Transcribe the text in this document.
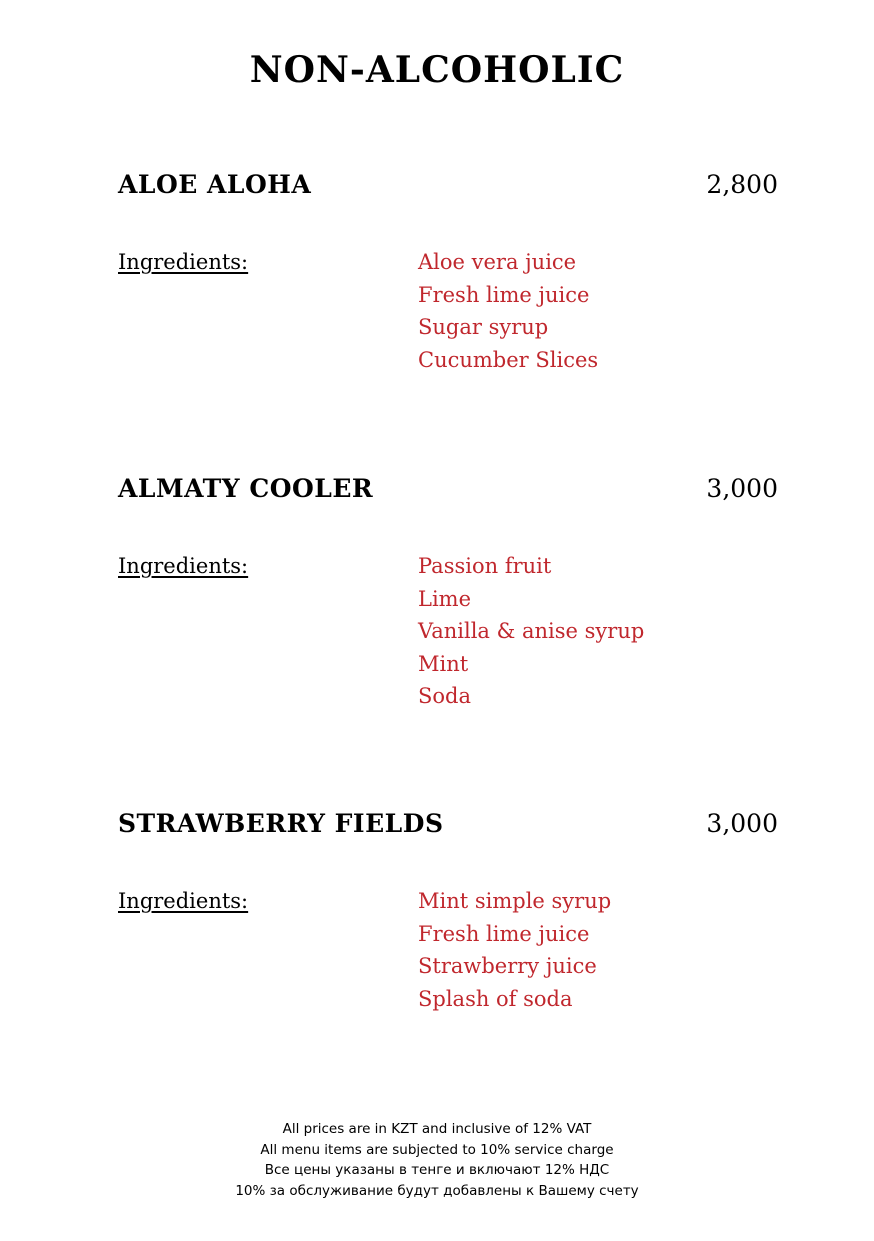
NON-ALCOHOLIC
ALOE ALOHA	2,800
Ingredients:	Aloe vera juice
Fresh lime juice
Sugar syrup
Cucumber Slices
ALMATY COOLER	3,000
Ingredients:	Passion fruit
Lime
Vanilla & anise syrup
Mint
Soda
STRAWBERRY FIELDS	3,000
Ingredients:	Mint simple syrup
Fresh lime juice
Strawberry juice
Splash of soda
All prices are in KZT and inclusive of 12% VAT
All menu items are subjected to 10% service charge
Все цены указаны в тенге и включают 12% НДС
10% за обслуживание будут добавлены к Вашему счету
